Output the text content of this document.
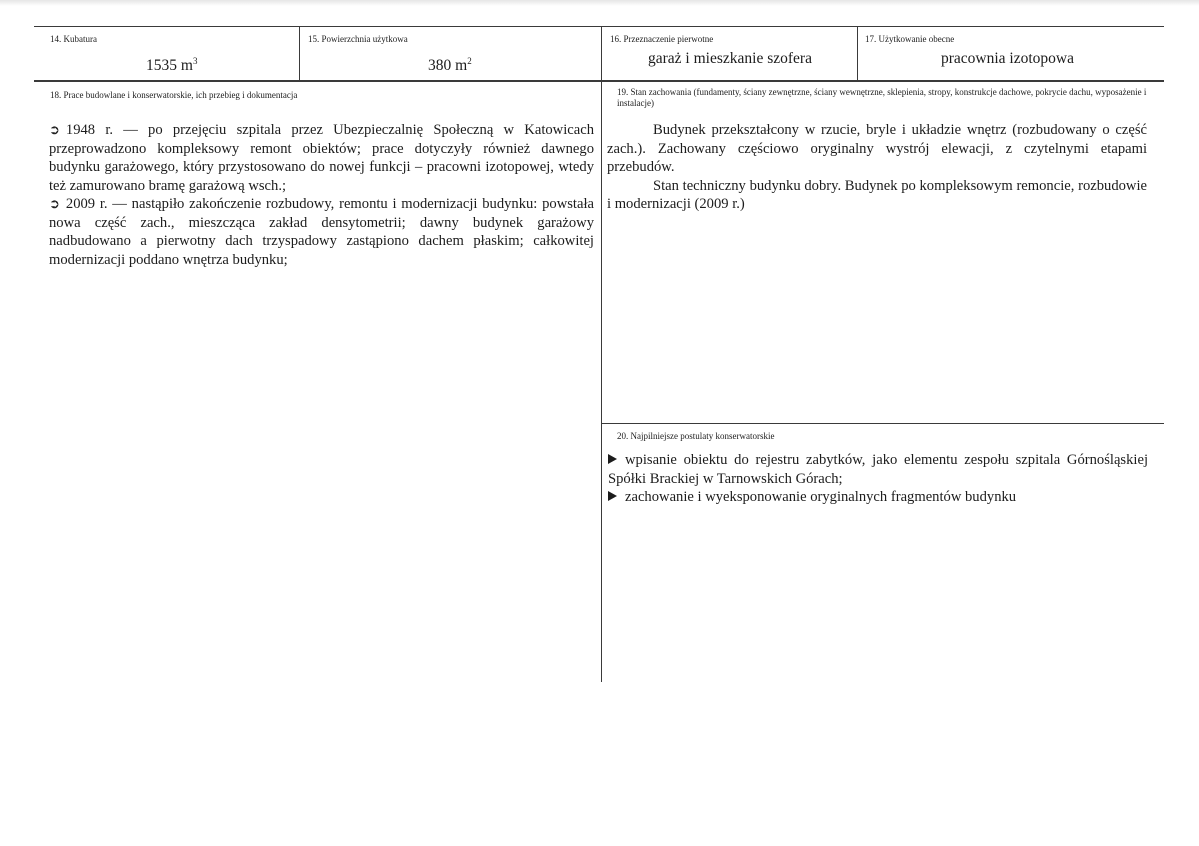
14. Kubatura
1535 $m^3$
15. Powierzchnia użytkowa
380 $m^2$
16. Przeznaczenie pierwotne
garaż i mieszkanie szofera
17. Użytkowanie obecne
pracownia izotopowa
18. Prace budowlane i konserwatorskie, ich przebieg i dokumentacja

➲ 1948 r. — po przejęciu szpitala przez Ubezpieczalnię Społeczną w Katowicach przeprowadzono kompleksowy remont obiektów; prace dotyczyły również dawnego budynku garażowego, który przystosowano do nowej funkcji – pracowni izotopowej, wtedy też zamurowano bramę garażową wsch.;

➲ 2009 r. — nastąpiło zakończenie rozbudowy, remontu i modernizacji budynku: powstała nowa część zach., mieszcząca zakład densytometrii; dawny budynek garażowy nadbudowano a pierwotny dach trzyspadowy zastąpiono dachem płaskim; całkowitej modernizacji poddano wnętrza budynku;

19. Stan zachowania (fundamenty, ściany zewnętrzne, ściany wewnętrzne, sklepienia, stropy, konstrukcje dachowe, pokrycie dachu, wyposażenie i instalacje)

Budynek przekształcony w rzucie, bryle i układzie wnętrz (rozbudowany o część zach.). Zachowany częściowo oryginalny wystrój elewacji, z czytelnymi etapami przebudów.

Stan techniczny budynku dobry. Budynek po kompleksowym remoncie, rozbudowie i modernizacji (2009 r.)

20. Najpilniejsze postulaty konserwatorskie

wpisanie obiektu do rejestru zabytków, jako elementu zespołu szpitala Górnośląskiej Spółki Brackiej w Tarnowskich Górach;

zachowanie i wyeksponowanie oryginalnych fragmentów budynku
